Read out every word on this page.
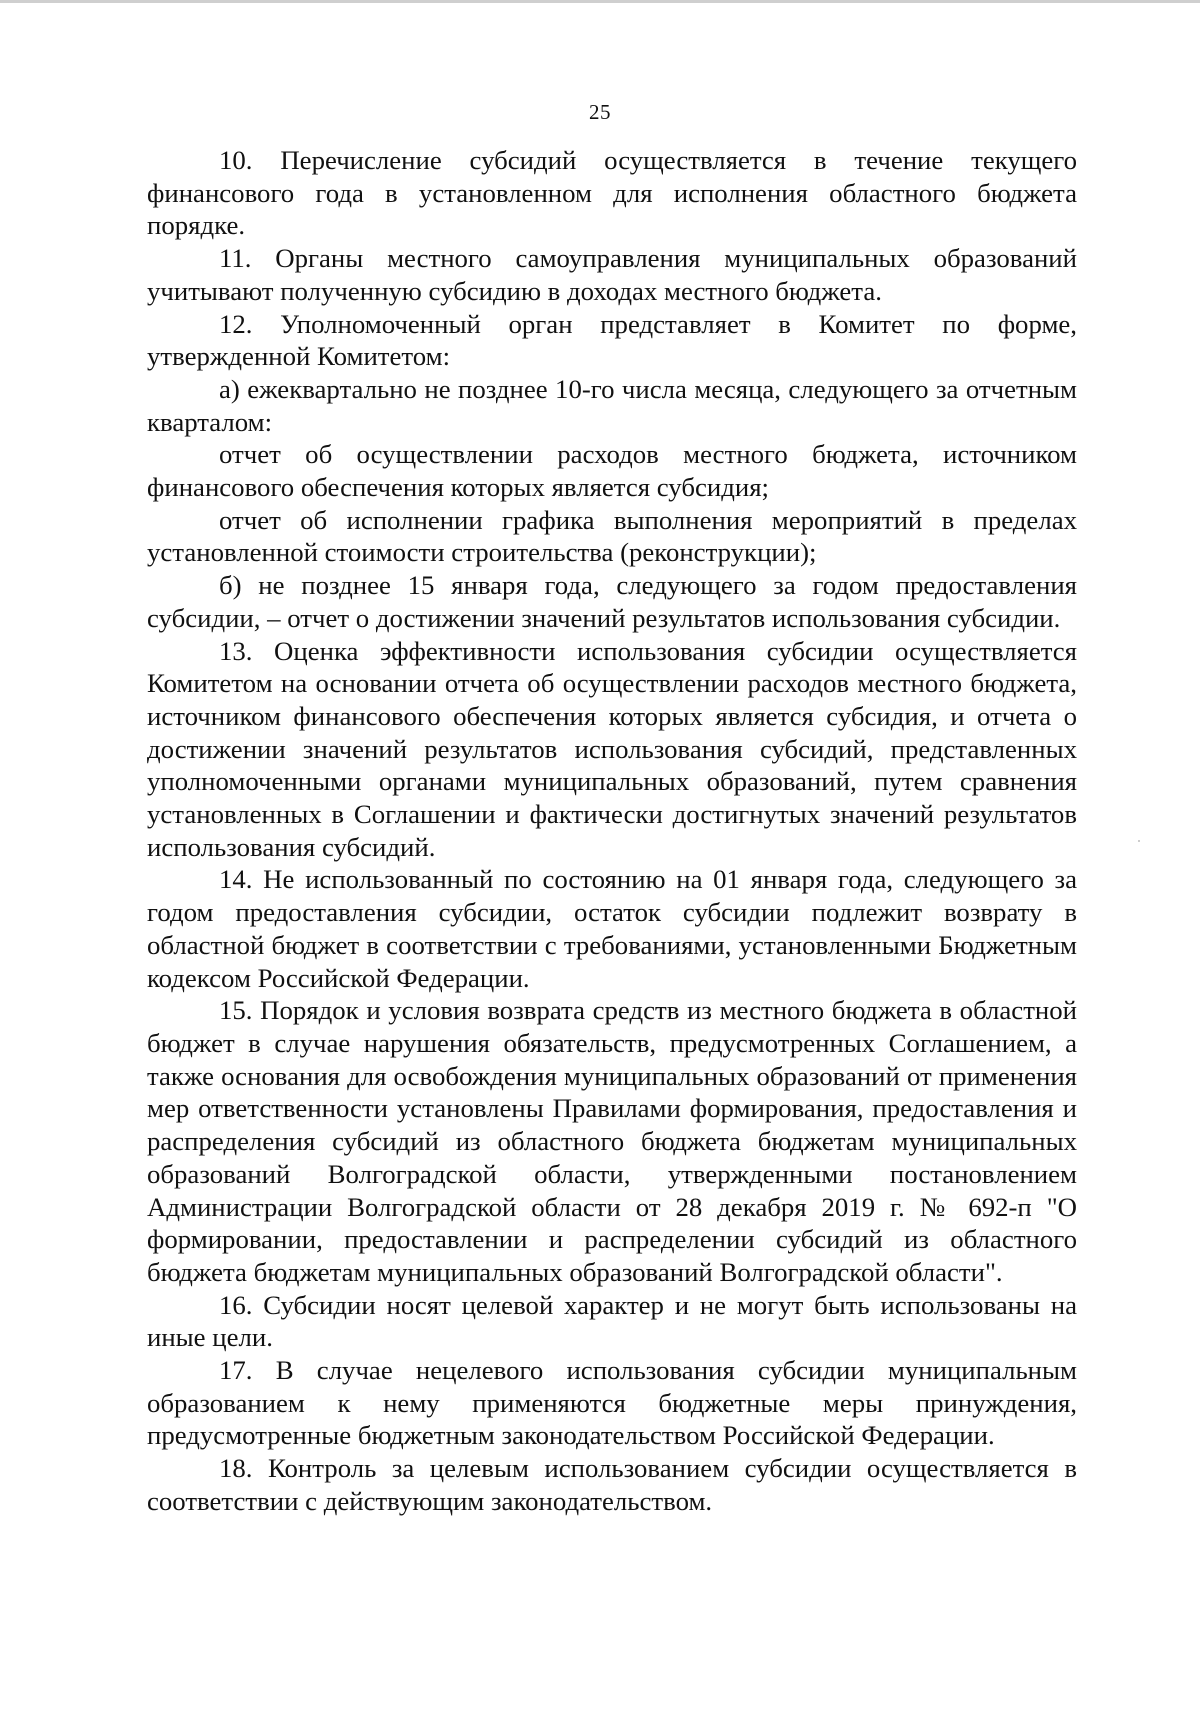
25

10. Перечисление субсидий осуществляется в течение текущего финансового года в установленном для исполнения областного бюджета порядке.

11. Органы местного самоуправления муниципальных образований учитывают полученную субсидию в доходах местного бюджета.

12. Уполномоченный орган представляет в Комитет по форме, утвержденной Комитетом:

а) ежеквартально не позднее 10-го числа месяца, следующего за отчетным кварталом:

отчет об осуществлении расходов местного бюджета, источником финансового обеспечения которых является субсидия;

отчет об исполнении графика выполнения мероприятий в пределах установленной стоимости строительства (реконструкции);

б) не позднее 15 января года, следующего за годом предоставления субсидии, – отчет о достижении значений результатов использования субсидии.

13. Оценка эффективности использования субсидии осуществляется Комитетом на основании отчета об осуществлении расходов местного бюджета, источником финансового обеспечения которых является субсидия, и отчета о достижении значений результатов использования субсидий, представленных уполномоченными органами муниципальных образований, путем сравнения установленных в Соглашении и фактически достигнутых значений результатов использования субсидий.

14. Не использованный по состоянию на 01 января года, следующего за годом предоставления субсидии, остаток субсидии подлежит возврату в областной бюджет в соответствии с требованиями, установленными Бюджетным кодексом Российской Федерации.

15. Порядок и условия возврата средств из местного бюджета в областной бюджет в случае нарушения обязательств, предусмотренных Соглашением, а также основания для освобождения муниципальных образований от применения мер ответственности установлены Правилами формирования, предоставления и распределения субсидий из областного бюджета бюджетам муниципальных образований Волгоградской области, утвержденными постановлением Администрации Волгоградской области от 28 декабря 2019 г. № 692-п "О формировании, предоставлении и распределении субсидий из областного бюджета бюджетам муниципальных образований Волгоградской области".

16. Субсидии носят целевой характер и не могут быть использованы на иные цели.

17. В случае нецелевого использования субсидии муниципальным образованием к нему применяются бюджетные меры принуждения, предусмотренные бюджетным законодательством Российской Федерации.

18. Контроль за целевым использованием субсидии осуществляется в соответствии с действующим законодательством.
